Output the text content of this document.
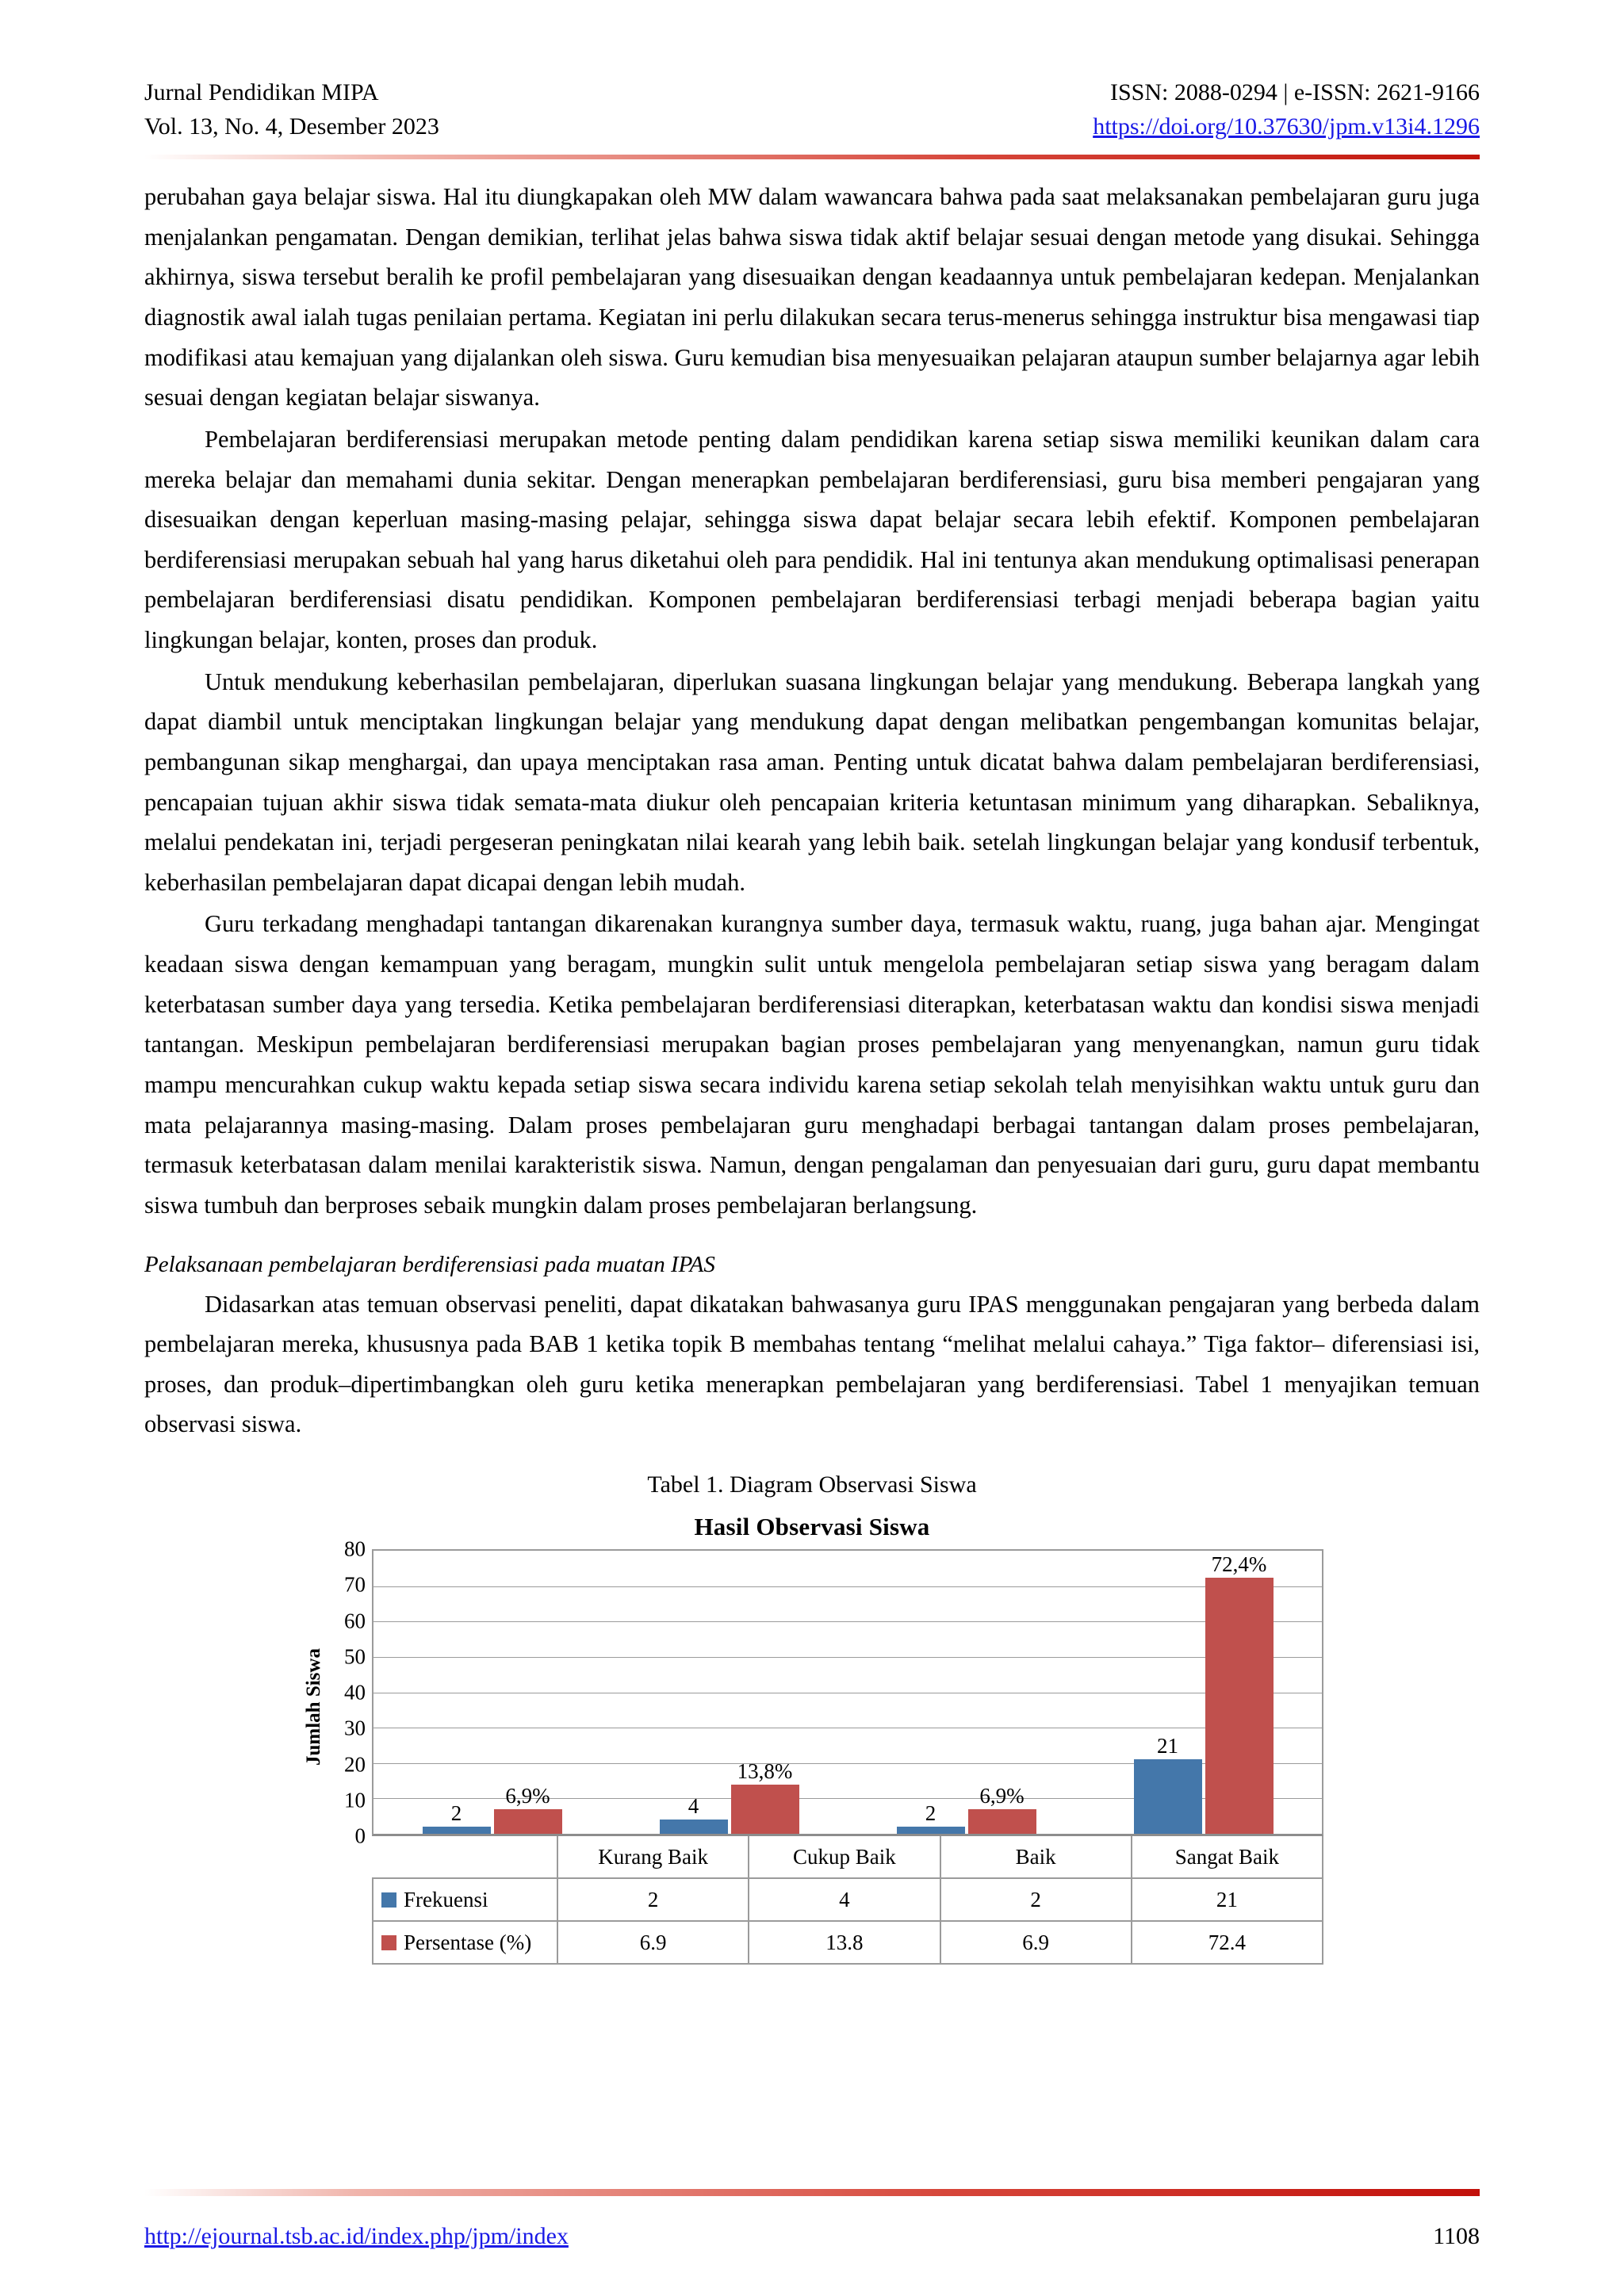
Jurnal Pendidikan MIPA
Vol. 13, No. 4, Desember 2023
ISSN: 2088-0294 | e-ISSN: 2621-9166
https://doi.org/10.37630/jpm.v13i4.1296

perubahan gaya belajar siswa. Hal itu diungkapakan oleh MW dalam wawancara bahwa pada saat melaksanakan pembelajaran guru juga menjalankan pengamatan. Dengan demikian, terlihat jelas bahwa siswa tidak aktif belajar sesuai dengan metode yang disukai. Sehingga akhirnya, siswa tersebut beralih ke profil pembelajaran yang disesuaikan dengan keadaannya untuk pembelajaran kedepan. Menjalankan diagnostik awal ialah tugas penilaian pertama. Kegiatan ini perlu dilakukan secara terus-menerus sehingga instruktur bisa mengawasi tiap modifikasi atau kemajuan yang dijalankan oleh siswa. Guru kemudian bisa menyesuaikan pelajaran ataupun sumber belajarnya agar lebih sesuai dengan kegiatan belajar siswanya.

Pembelajaran berdiferensiasi merupakan metode penting dalam pendidikan karena setiap siswa memiliki keunikan dalam cara mereka belajar dan memahami dunia sekitar. Dengan menerapkan pembelajaran berdiferensiasi, guru bisa memberi pengajaran yang disesuaikan dengan keperluan masing-masing pelajar, sehingga siswa dapat belajar secara lebih efektif. Komponen pembelajaran berdiferensiasi merupakan sebuah hal yang harus diketahui oleh para pendidik. Hal ini tentunya akan mendukung optimalisasi penerapan pembelajaran berdiferensiasi disatu pendidikan. Komponen pembelajaran berdiferensiasi terbagi menjadi beberapa bagian yaitu lingkungan belajar, konten, proses dan produk.

Untuk mendukung keberhasilan pembelajaran, diperlukan suasana lingkungan belajar yang mendukung. Beberapa langkah yang dapat diambil untuk menciptakan lingkungan belajar yang mendukung dapat dengan melibatkan pengembangan komunitas belajar, pembangunan sikap menghargai, dan upaya menciptakan rasa aman. Penting untuk dicatat bahwa dalam pembelajaran berdiferensiasi, pencapaian tujuan akhir siswa tidak semata-mata diukur oleh pencapaian kriteria ketuntasan minimum yang diharapkan. Sebaliknya, melalui pendekatan ini, terjadi pergeseran peningkatan nilai kearah yang lebih baik. setelah lingkungan belajar yang kondusif terbentuk, keberhasilan pembelajaran dapat dicapai dengan lebih mudah.

Guru terkadang menghadapi tantangan dikarenakan kurangnya sumber daya, termasuk waktu, ruang, juga bahan ajar. Mengingat keadaan siswa dengan kemampuan yang beragam, mungkin sulit untuk mengelola pembelajaran setiap siswa yang beragam dalam keterbatasan sumber daya yang tersedia. Ketika pembelajaran berdiferensiasi diterapkan, keterbatasan waktu dan kondisi siswa menjadi tantangan. Meskipun pembelajaran berdiferensiasi merupakan bagian proses pembelajaran yang menyenangkan, namun guru tidak mampu mencurahkan cukup waktu kepada setiap siswa secara individu karena setiap sekolah telah menyisihkan waktu untuk guru dan mata pelajarannya masing-masing. Dalam proses pembelajaran guru menghadapi berbagai tantangan dalam proses pembelajaran, termasuk keterbatasan dalam menilai karakteristik siswa. Namun, dengan pengalaman dan penyesuaian dari guru, guru dapat membantu siswa tumbuh dan berproses sebaik mungkin dalam proses pembelajaran berlangsung.

Pelaksanaan pembelajaran berdiferensiasi pada muatan IPAS

Didasarkan atas temuan observasi peneliti, dapat dikatakan bahwasanya guru IPAS menggunakan pengajaran yang berbeda dalam pembelajaran mereka, khususnya pada BAB 1 ketika topik B membahas tentang “melihat melalui cahaya.” Tiga faktor– diferensiasi isi, proses, dan produk–dipertimbangkan oleh guru ketika menerapkan pembelajaran yang berdiferensiasi. Tabel 1 menyajikan temuan observasi siswa.

Tabel 1. Diagram Observasi Siswa
Hasil Observasi Siswa
Jumlah Siswa
80
70
60
50
40
30
20
10
0
2
6,9%	4
13,8%
2
6,9%
21
72,4%
	Kurang Baik	Cukup Baik	Baik	Sangat Baik
Frekuensi	2	4	2	21
Persentase (%)	6.9	13.8	6.9	72.4
http://ejournal.tsb.ac.id/index.php/jpm/index	1108
